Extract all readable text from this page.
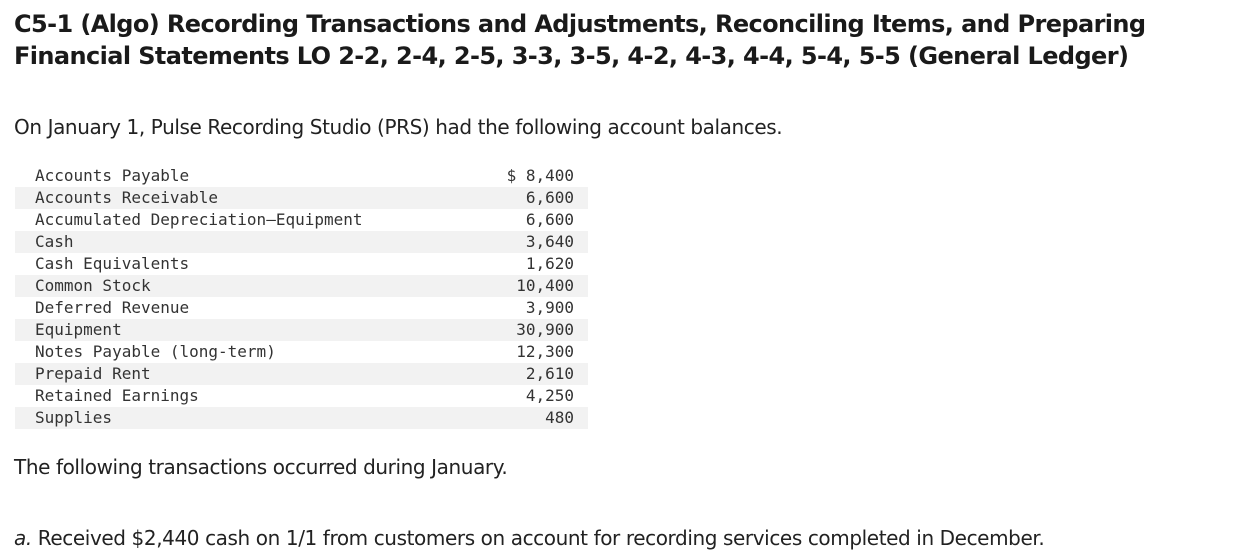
C5-1 (Algo) Recording Transactions and Adjustments, Reconciling Items, and Preparing Financial Statements LO 2-2, 2-4, 2-5, 3-3, 3-5, 4-2, 4-3, 4-4, 5-4, 5-5 (General Ledger)

On January 1, Pulse Recording Studio (PRS) had the following account balances.

Accounts Payable	$ 8,400
Accounts Receivable	6,600
Accumulated Depreciation—Equipment	6,600
Cash	3,640
Cash Equivalents	1,620
Common Stock	10,400
Deferred Revenue	3,900
Equipment	30,900
Notes Payable (long-term)	12,300
Prepaid Rent	2,610
Retained Earnings	4,250
Supplies	480

The following transactions occurred during January.

a. Received $2,440 cash on 1/1 from customers on account for recording services completed in December.
